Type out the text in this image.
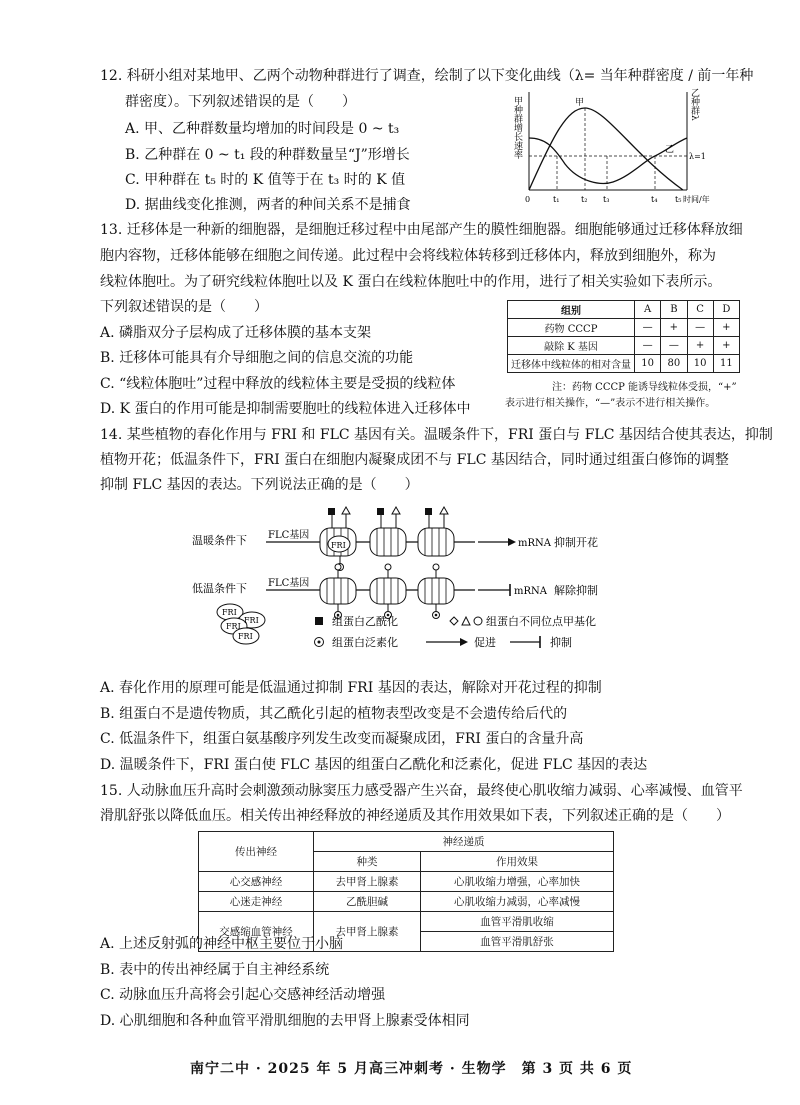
12. 科研小组对某地甲、乙两个动物种群进行了调查，绘制了以下变化曲线（λ= 当年种群密度 / 前一年种
群密度）。下列叙述错误的是（　　）
A. 甲、乙种群数量均增加的时间段是 0 ~ t₃
B. 乙种群在 0 ~ t₁ 段的种群数量呈“J”形增长
C. 甲种群在 t₅ 时的 K 值等于在 t₃ 时的 K 值
D. 据曲线变化推测，两者的种间关系不是捕食
甲种群增长速率	乙种群λ
λ=1
甲
乙
0	t₁	t₂ t₃	t₄ t₅ 时间/年
13. 迁移体是一种新的细胞器，是细胞迁移过程中由尾部产生的膜性细胞器。细胞能够通过迁移体释放细
胞内容物，迁移体能够在细胞之间传递。此过程中会将线粒体转移到迁移体内，释放到细胞外，称为
线粒体胞吐。为了研究线粒体胞吐以及 K 蛋白在线粒体胞吐中的作用，进行了相关实验如下表所示。
下列叙述错误的是（　　）
A. 磷脂双分子层构成了迁移体膜的基本支架
B. 迁移体可能具有介导细胞之间的信息交流的功能
C. “线粒体胞吐”过程中释放的线粒体主要是受损的线粒体
D. K 蛋白的作用可能是抑制需要胞吐的线粒体进入迁移体中
组别	A	B	C	D
药物 CCCP	—	+	—	+
敲除 K 基因	—	—	+	+
迁移体中线粒体的相对含量	10	80	10	11
注：药物 CCCP 能诱导线粒体受损，“+”
表示进行相关操作，“—”表示不进行相关操作。
14. 某些植物的春化作用与 FRI 和 FLC 基因有关。温暖条件下，FRI 蛋白与 FLC 基因结合使其表达，抑制
植物开花；低温条件下，FRI 蛋白在细胞内凝聚成团不与 FLC 基因结合，同时通过组蛋白修饰的调整
抑制 FLC 基因的表达。下列说法正确的是（　　）
温暖条件下 FLC基因
FRI	mRNA 抑制开花
低温条件下 FLC基因
mRNA 解除抑制
FRI
FRI
FRI
FRI
组蛋白乙酰化	组蛋白不同位点甲基化
组蛋白泛素化	促进	抑制
A. 春化作用的原理可能是低温通过抑制 FRI 基因的表达，解除对开花过程的抑制
B. 组蛋白不是遗传物质，其乙酰化引起的植物表型改变是不会遗传给后代的
C. 低温条件下，组蛋白氨基酸序列发生改变而凝聚成团，FRI 蛋白的含量升高
D. 温暖条件下，FRI 蛋白使 FLC 基因的组蛋白乙酰化和泛素化，促进 FLC 基因的表达
15. 人动脉血压升高时会刺激颈动脉窦压力感受器产生兴奋，最终使心肌收缩力减弱、心率减慢、血管平
滑肌舒张以降低血压。相关传出神经释放的神经递质及其作用效果如下表，下列叙述正确的是（　　）
传出神经	神经递质	
	种类	作用效果
心交感神经	去甲肾上腺素	心肌收缩力增强，心率加快
心迷走神经	乙酰胆碱	心肌收缩力减弱，心率减慢
交感缩血管神经	去甲肾上腺素	血管平滑肌收缩
		血管平滑肌舒张
A. 上述反射弧的神经中枢主要位于小脑
B. 表中的传出神经属于自主神经系统
C. 动脉血压升高将会引起心交感神经活动增强
D. 心肌细胞和各种血管平滑肌细胞的去甲肾上腺素受体相同
南宁二中 · 2025 年 5 月高三冲刺考 · 生物学　第 3 页 共 6 页
